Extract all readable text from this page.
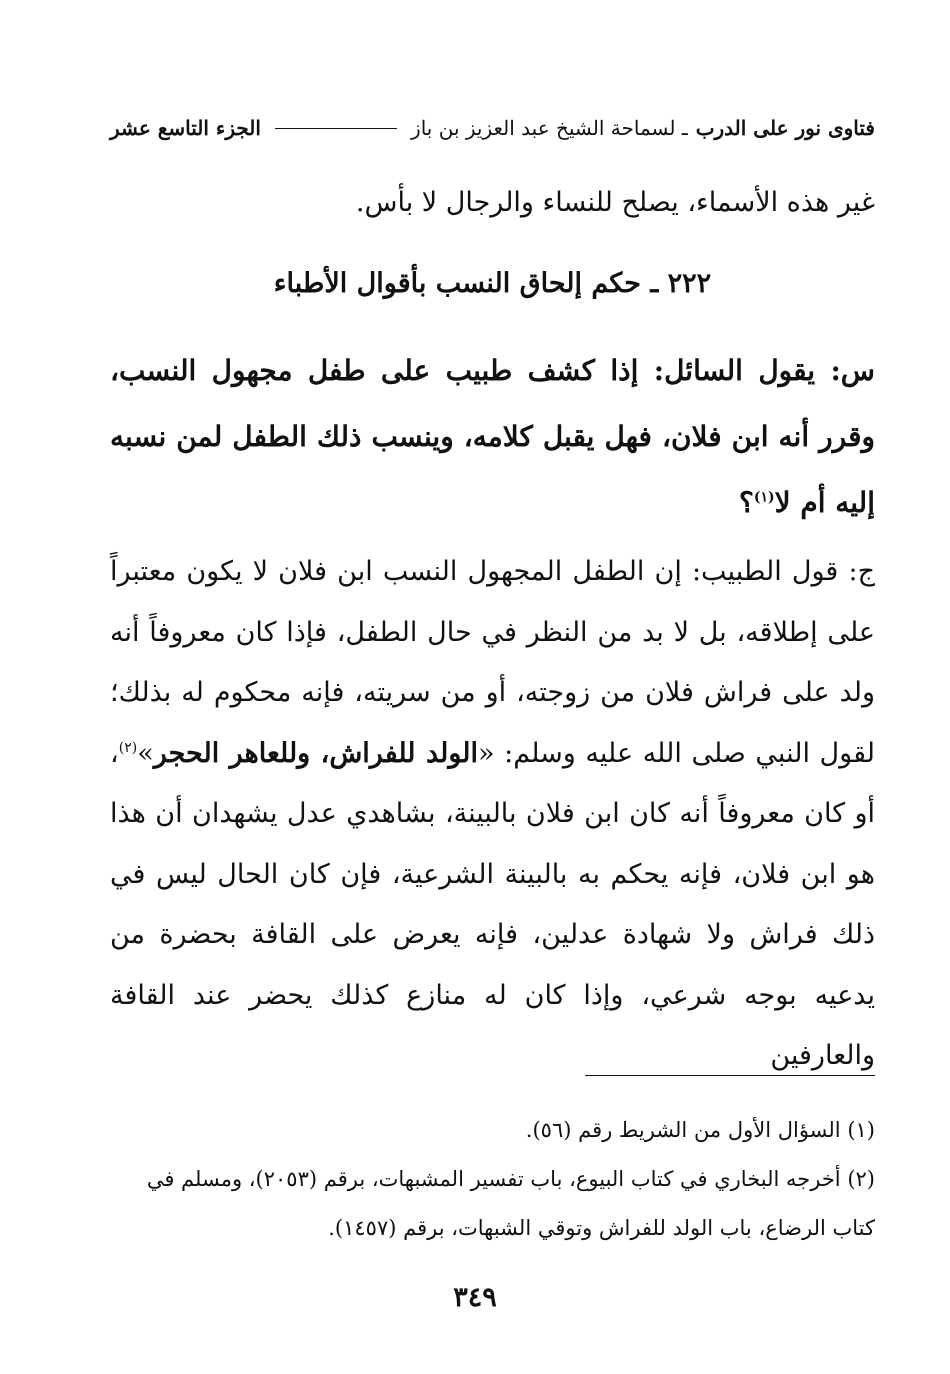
فتاوى نور على الدرب
ـ لسماحة الشيخ عبد العزيز بن باز
الجزء التاسع عشر
غير هذه الأسماء، يصلح للنساء والرجال لا بأس.
٢٢٢ ـ حكم إلحاق النسب بأقوال الأطباء
س: يقول السائل: إذا كشف طبيب على طفل مجهول النسب، وقرر أنه ابن فلان، فهل يقبل كلامه، وينسب ذلك الطفل لمن نسبه إليه أم لا$^{(١)}$؟
ج: قول الطبيب: إن الطفل المجهول النسب ابن فلان لا يكون معتبراً على إطلاقه، بل لا بد من النظر في حال الطفل، فإذا كان معروفاً أنه ولد على فراش فلان من زوجته، أو من سريته، فإنه محكوم له بذلك؛ لقول النبي صلى الله عليه وسلم: «الولد للفراش، وللعاهر الحجر»$^{(٢)}$، أو كان معروفاً أنه كان ابن فلان بالبينة، بشاهدي عدل يشهدان أن هذا هو ابن فلان، فإنه يحكم به بالبينة الشرعية، فإن كان الحال ليس في ذلك فراش ولا شهادة عدلين، فإنه يعرض على القافة بحضرة من يدعيه بوجه شرعي، وإذا كان له منازع كذلك يحضر عند القافة والعارفين

(١) السؤال الأول من الشريط رقم (٥٦).

(٢) أخرجه البخاري في كتاب البيوع، باب تفسير المشبهات، برقم (٢٠٥٣)، ومسلم في كتاب الرضاع، باب الولد للفراش وتوقي الشبهات، برقم (١٤٥٧).

٣٤٩
